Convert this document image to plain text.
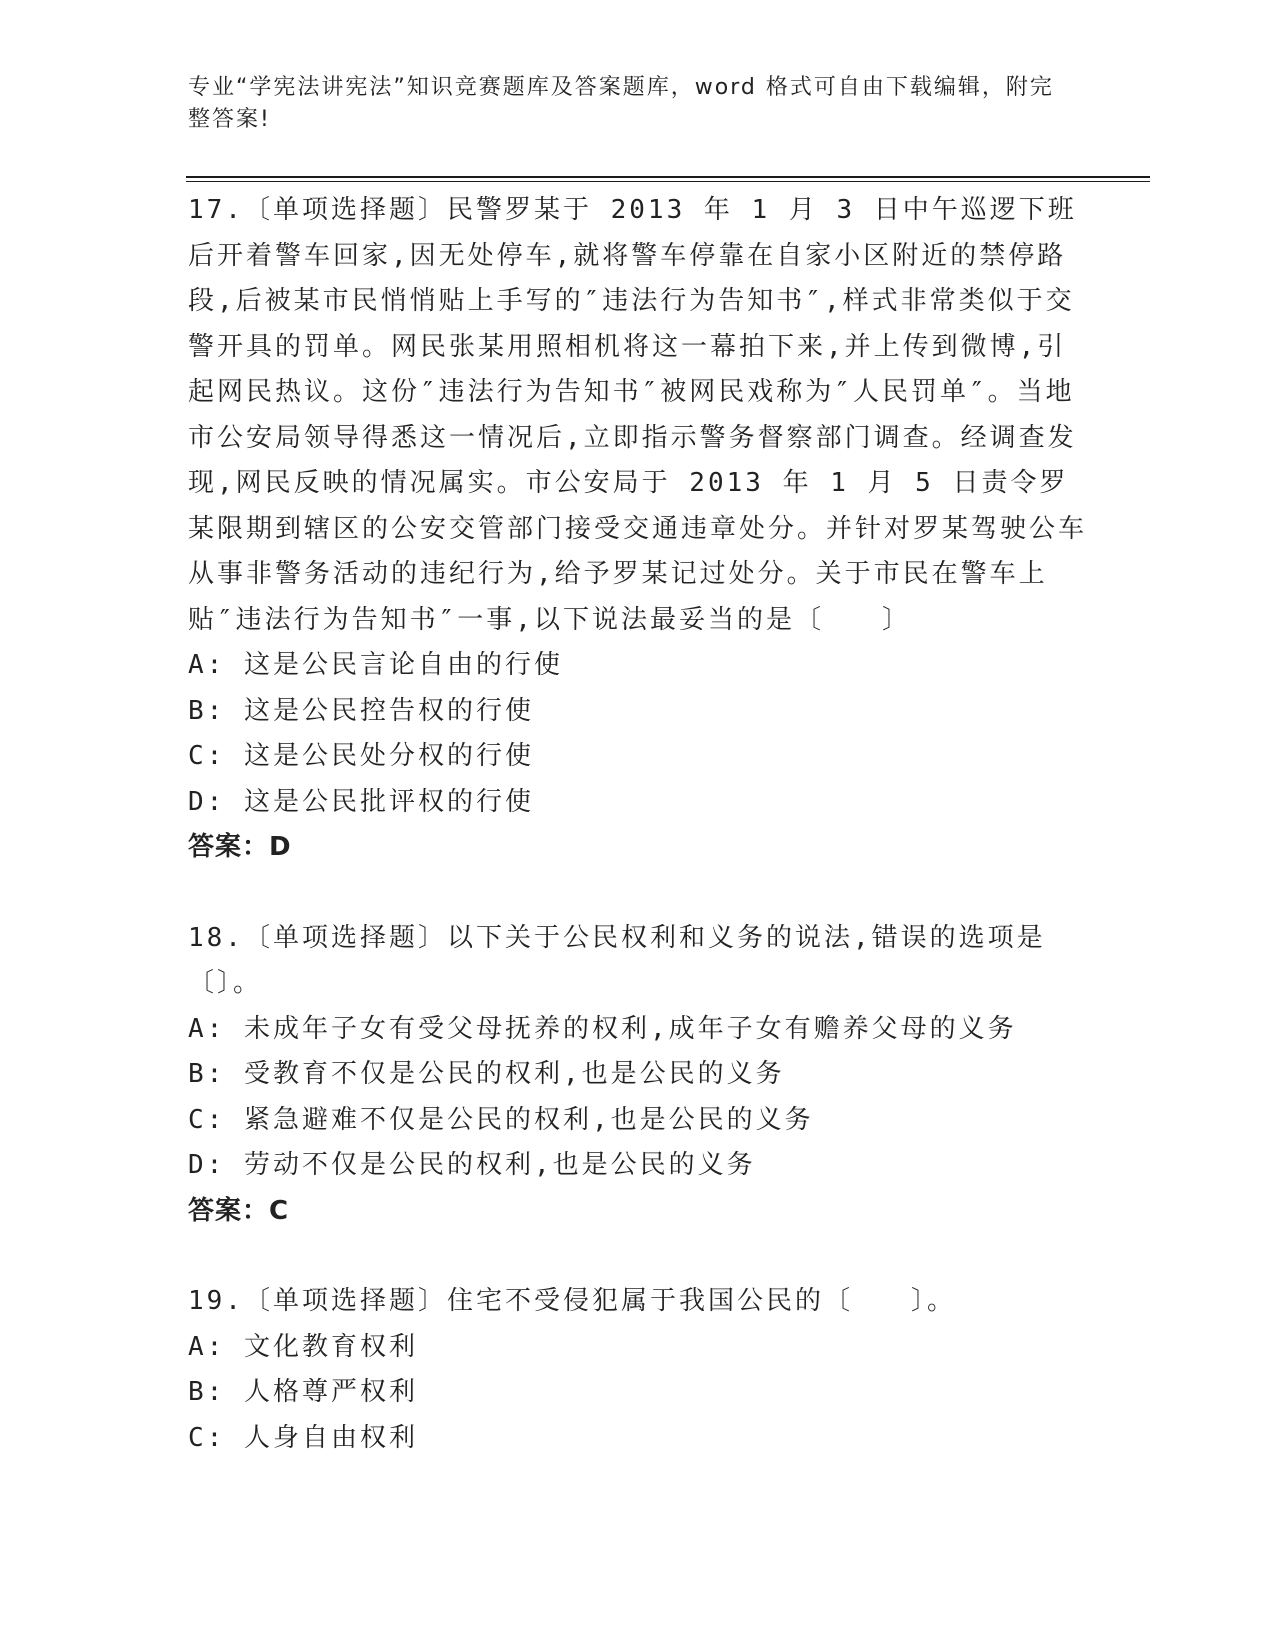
专业“学宪法讲宪法”知识竞赛题库及答案题库，word 格式可自由下载编辑，附完整答案!
17.〔单项选择题〕民警罗某于 2013 年 1 月 3 日中午巡逻下班后开着警车回家,因无处停车,就将警车停靠在自家小区附近的禁停路段,后被某市民悄悄贴上手写的″违法行为告知书″,样式非常类似于交警开具的罚单。网民张某用照相机将这一幕拍下来,并上传到微博,引起网民热议。这份″违法行为告知书″被网民戏称为″人民罚单″。当地市公安局领导得悉这一情况后,立即指示警务督察部门调查。经调查发现,网民反映的情况属实。市公安局于 2013 年 1 月 5 日责令罗某限期到辖区的公安交管部门接受交通违章处分。并针对罗某驾驶公车从事非警务活动的违纪行为,给予罗某记过处分。关于市民在警车上贴″违法行为告知书″一事,以下说法最妥当的是〔　　〕
A: 这是公民言论自由的行使
B: 这是公民控告权的行使
C: 这是公民处分权的行使
D: 这是公民批评权的行使
答案：D
18.〔单项选择题〕以下关于公民权利和义务的说法,错误的选项是〔〕。
A: 未成年子女有受父母抚养的权利,成年子女有赡养父母的义务
B: 受教育不仅是公民的权利,也是公民的义务
C: 紧急避难不仅是公民的权利,也是公民的义务
D: 劳动不仅是公民的权利,也是公民的义务
答案：C
19.〔单项选择题〕住宅不受侵犯属于我国公民的〔　　〕。
A: 文化教育权利
B: 人格尊严权利
C: 人身自由权利
